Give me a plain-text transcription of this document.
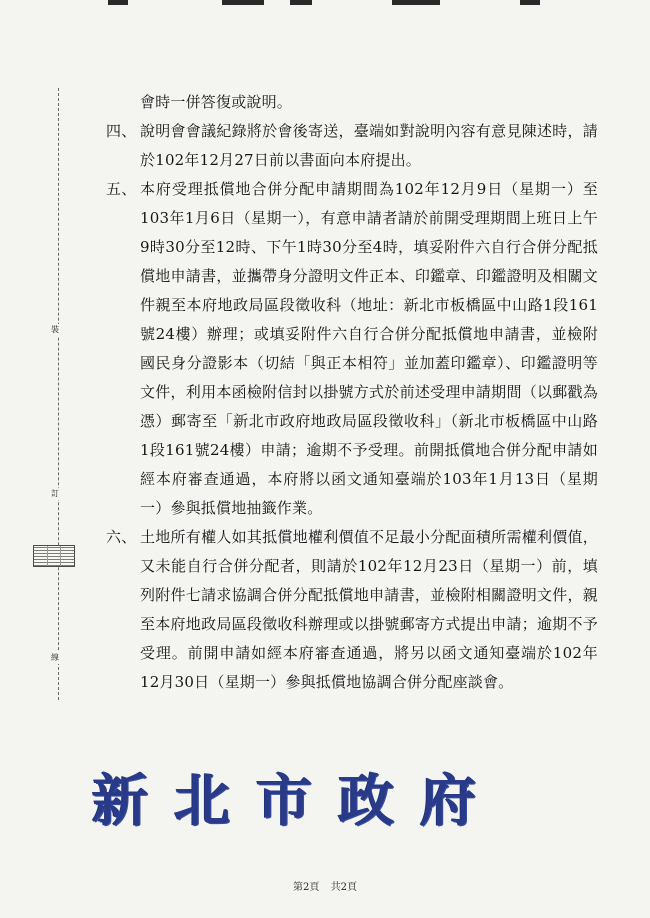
裝
訂
線
會時一併答復或說明。
四、 說明會會議紀錄將於會後寄送，臺端如對說明內容有意見陳述時，請於102年12月27日前以書面向本府提出。
五、 本府受理抵償地合併分配申請期間為102年12月9日（星期一）至103年1月6日（星期一），有意申請者請於前開受理期間上班日上午9時30分至12時、下午1時30分至4時，填妥附件六自行合併分配抵償地申請書，並攜帶身分證明文件正本、印鑑章、印鑑證明及相關文件親至本府地政局區段徵收科（地址：新北市板橋區中山路1段161號24樓）辦理；或填妥附件六自行合併分配抵償地申請書，並檢附國民身分證影本（切結「與正本相符」並加蓋印鑑章）、印鑑證明等文件，利用本函檢附信封以掛號方式於前述受理申請期間（以郵戳為憑）郵寄至「新北市政府地政局區段徵收科」（新北市板橋區中山路1段161號24樓）申請；逾期不予受理。前開抵償地合併分配申請如經本府審查通過，本府將以函文通知臺端於103年1月13日（星期一）參與抵償地抽籤作業。
六、 土地所有權人如其抵償地權利價值不足最小分配面積所需權利價值，又未能自行合併分配者，則請於102年12月23日（星期一）前，填列附件七請求協調合併分配抵償地申請書，並檢附相關證明文件，親至本府地政局區段徵收科辦理或以掛號郵寄方式提出申請；逾期不予受理。前開申請如經本府審查通過，將另以函文通知臺端於102年12月30日（星期一）參與抵償地協調合併分配座談會。
新 北 市 政 府
第2頁 共2頁
